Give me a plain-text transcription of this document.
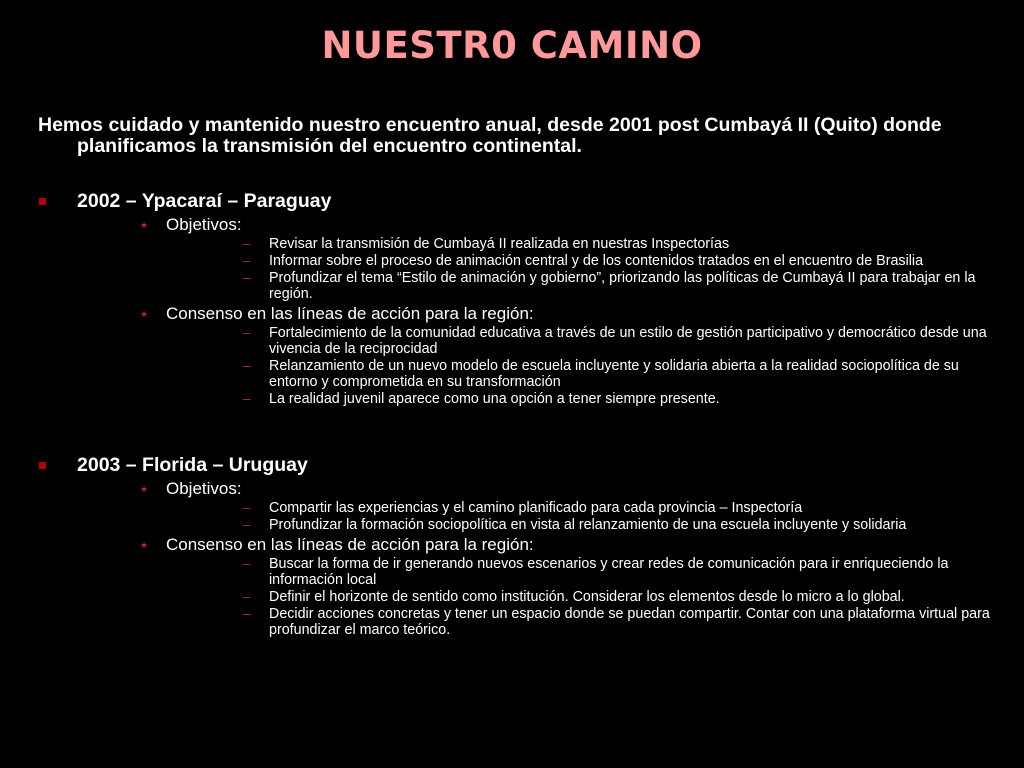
NUESTR0 CAMINO
Hemos cuidado y mantenido nuestro encuentro anual, desde 2001 post Cumbayá II (Quito) donde planificamos la transmisión del encuentro continental.
2002 – Ypacaraí – Paraguay
★ Objetivos:
– Revisar la transmisión de Cumbayá II realizada en nuestras Inspectorías
– Informar sobre el proceso de animación central y de los contenidos tratados en el encuentro de Brasilia
– Profundizar el tema “Estilo de animación y gobierno”, priorizando las políticas de Cumbayá II para trabajar en la región.
★ Consenso en las líneas de acción para la región:
– Fortalecimiento de la comunidad educativa a través de un estilo de gestión participativo y democrático desde una vivencia de la reciprocidad
– Relanzamiento de un nuevo modelo de escuela incluyente y solidaria abierta a la realidad sociopolítica de su entorno y comprometida en su transformación
– La realidad juvenil aparece como una opción a tener siempre presente.
2003 – Florida – Uruguay
★ Objetivos:
– Compartir las experiencias y el camino planificado para cada provincia – Inspectoría
– Profundizar la formación sociopolítica en vista al relanzamiento de una escuela incluyente y solidaria
★ Consenso en las líneas de acción para la región:
– Buscar la forma de ir generando nuevos escenarios y crear redes de comunicación para ir enriqueciendo la información local
– Definir el horizonte de sentido como institución. Considerar los elementos desde lo micro a lo global.
– Decidir acciones concretas y tener un espacio donde se puedan compartir. Contar con una plataforma virtual para profundizar el marco teórico.
